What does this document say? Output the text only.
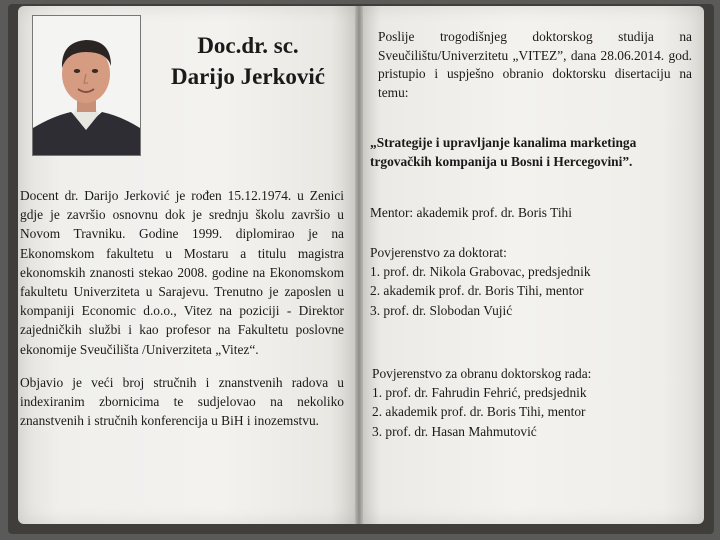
Doc.dr. sc.
Darijo Jerković

Docent dr. Darijo Jerković je rođen 15.12.1974. u Zenici gdje je završio osnovnu dok je srednju školu završio u Novom Travniku. Godine 1999. diplomirao je na Ekonomskom fakultetu u Mostaru a titulu magistra ekonomskih znanosti stekao 2008. godine na Ekonomskom fakultetu Univerziteta u Sarajevu. Trenutno je zaposlen u kompaniji Economic d.o.o., Vitez na poziciji - Direktor zajedničkih službi i kao profesor na Fakultetu poslovne ekonomije Sveučilišta /Univerziteta „Vitez“.

Objavio je veći broj stručnih i znanstvenih radova u indexiranim zbornicima te sudjelovao na nekoliko znanstvenih i stručnih konferencija u BiH i inozemstvu.

Poslije trogodišnjeg doktorskog studija na Sveučilištu/Univerzitetu „VITEZ”, dana 28.06.2014. god. pristupio i uspješno obranio doktorsku disertaciju na temu:
„Strategije i upravljanje kanalima marketinga trgovačkih kompanija u Bosni i Hercegovini”.
Mentor: akademik prof. dr. Boris Tihi
Povjerenstvo za doktorat:
1. prof. dr. Nikola Grabovac, predsjednik
2. akademik prof. dr. Boris Tihi, mentor
3. prof. dr. Slobodan Vujić
Povjerenstvo za obranu doktorskog rada:
1. prof. dr. Fahrudin Fehrić, predsjednik
2. akademik prof. dr. Boris Tihi, mentor
3. prof. dr. Hasan Mahmutović
